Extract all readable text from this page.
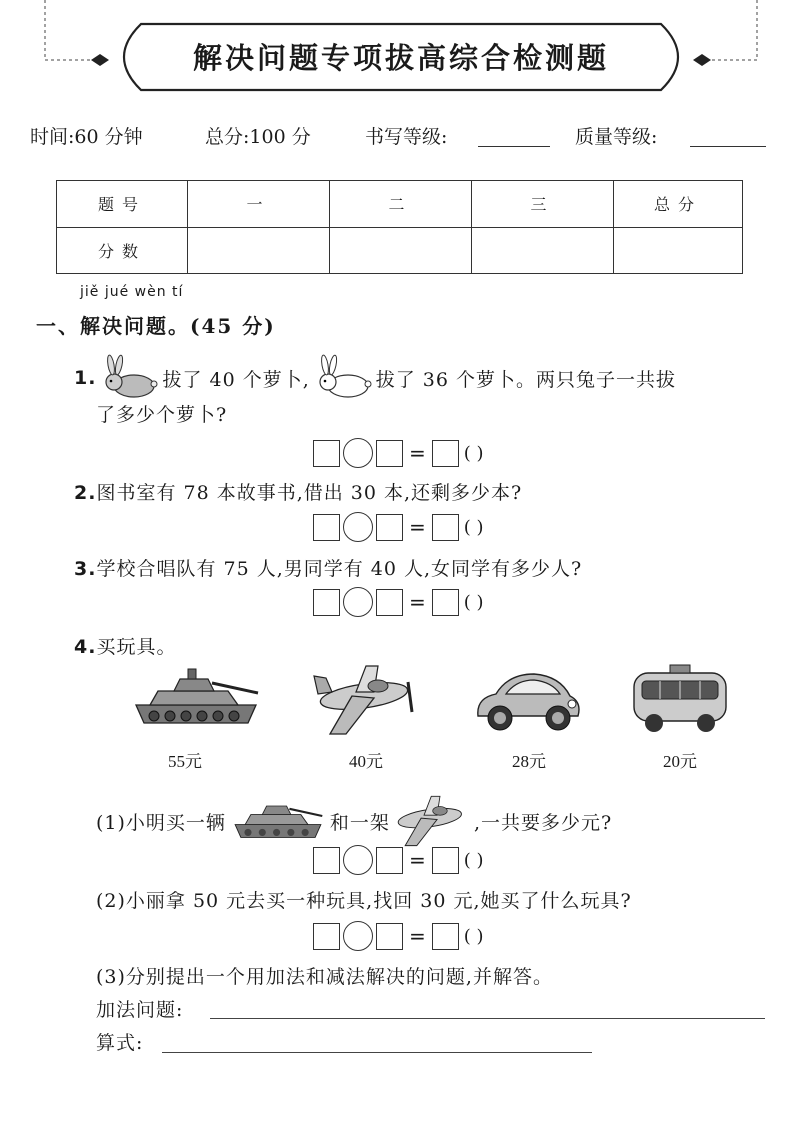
解决问题专项拔高综合检测题
时间:60 分钟	总分:100 分	书写等级:	质量等级:
题号	一	二	三	总分
分数				
jiě jué wèn tí
一、解决问题。(45 分)
1.	拔了 40 个萝卜,	拔了 36 个萝卜。两只兔子一共拔
了多少个萝卜?
= ( )
2.图书室有 78 本故事书,借出 30 本,还剩多少本?
= ( )
3.学校合唱队有 75 人,男同学有 40 人,女同学有多少人?
= ( )
4.买玩具。
55元	40元	28元	20元
(1)小明买一辆	和一架	,一共要多少元?
= ( )
(2)小丽拿 50 元去买一种玩具,找回 30 元,她买了什么玩具?
= ( )
(3)分别提出一个用加法和减法解决的问题,并解答。
加法问题:
算式:
